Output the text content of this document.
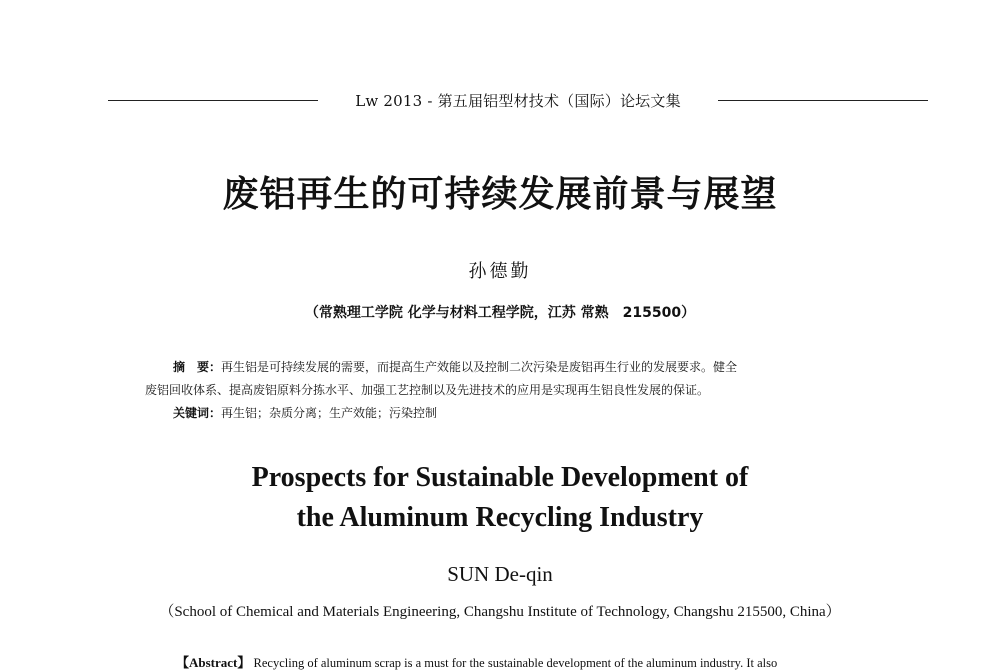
Lw 2013 - 第五届铝型材技术（国际）论坛文集
废铝再生的可持续发展前景与展望
孙德勤
（常熟理工学院 化学与材料工程学院，江苏 常熟　215500）
摘　要：再生铝是可持续发展的需要，而提高生产效能以及控制二次污染是废铝再生行业的发展要求。健全
废铝回收体系、提高废铝原料分拣水平、加强工艺控制以及先进技术的应用是实现再生铝良性发展的保证。
关键词：再生铝；杂质分离；生产效能；污染控制
Prospects for Sustainable Development of
the Aluminum Recycling Industry
SUN De-qin
（School of Chemical and Materials Engineering, Changshu Institute of Technology, Changshu 215500, China）
【Abstract】 Recycling of aluminum scrap is a must for the sustainable development of the aluminum industry. It also
